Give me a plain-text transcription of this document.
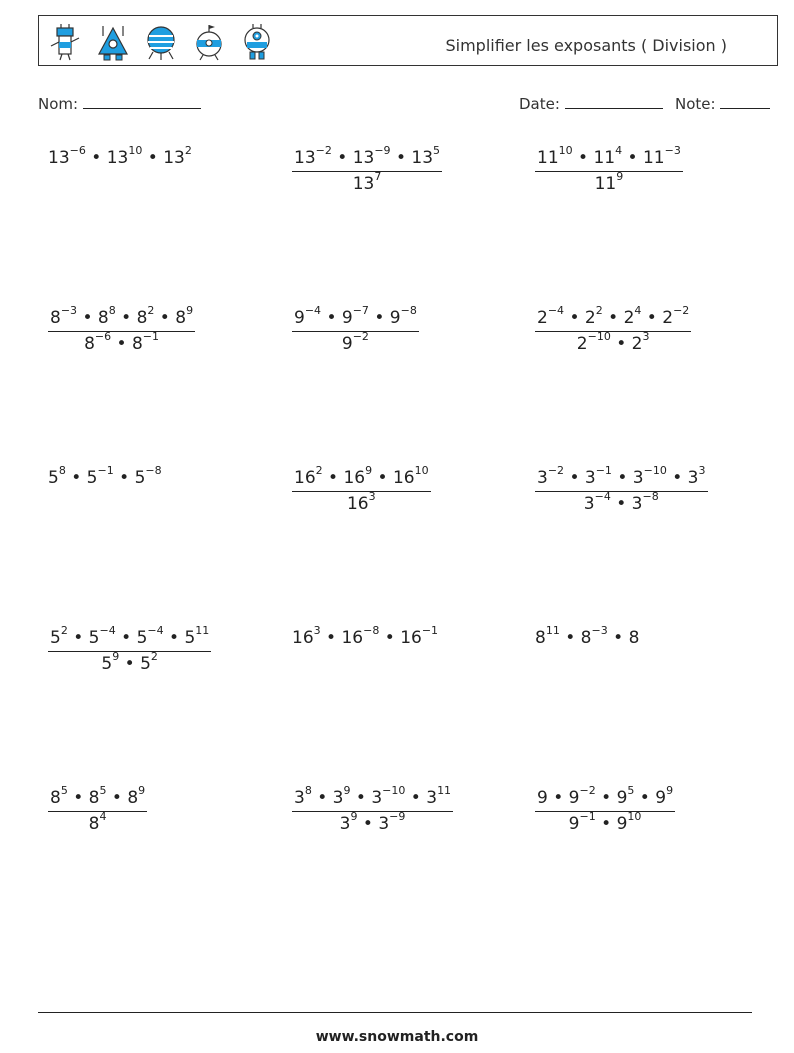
Simplifier les exposants ( Division )
Nom:	Date:	Note:
$13^{-6}$ • $13^{10}$ • $13^2$	$\frac{13^{-2} • 13^{-9} • 13^5}{13^7}$	$\frac{11^{10} • 11^4 • 11^{-3}}{11^9}$
$\frac{8^{-3} • 8^8 • 8^2 • 8^9}{8^{-6} • 8^{-1}}$	$\frac{9^{-4} • 9^{-7} • 9^{-8}}{9^{-2}}$	$\frac{2^{-4} • 2^2 • 2^4 • 2^{-2}}{2^{-10} • 2^3}$
$5^8$ • $5^{-1}$ • $5^{-8}$	$\frac{16^2 • 16^9 • 16^{10}}{16^3}$	$\frac{3^{-2} • 3^{-1} • 3^{-10} • 3^3}{3^{-4} • 3^{-8}}$
$\frac{5^2 • 5^{-4} • 5^{-4} • 5^{11}}{5^9 • 5^2}$	$16^3$ • $16^{-8}$ • $16^{-1}$	$8^{11}$ • $8^{-3}$ • 8
$\frac{8^5 • 8^5 • 8^9}{8^4}$	$\frac{3^8 • 3^9 • 3^{-10} • 3^{11}}{3^9 • 3^{-9}}$	$\frac{9 • 9^{-2} • 9^5 • 9^9}{9^{-1} • 9^{10}}$
www.snowmath.com
